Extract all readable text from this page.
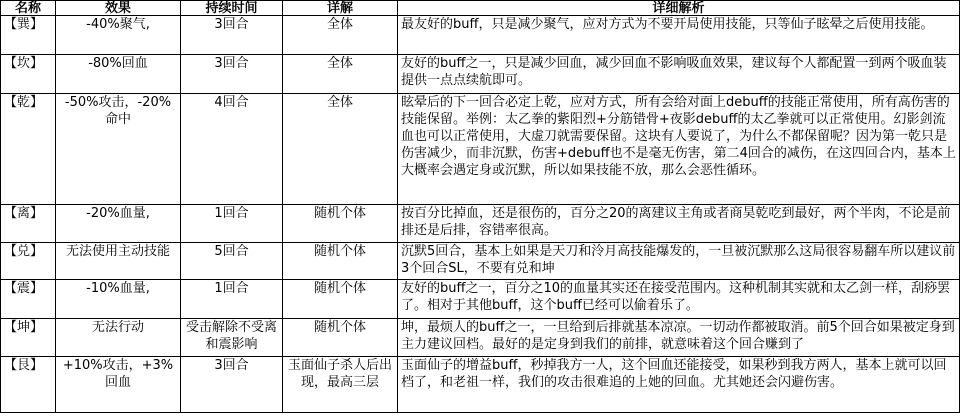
名称	效果	持续时间	详解	详细解析
【巽】	-40%聚气,	3回合	全体	最友好的buff，只是减少聚气，应对方式为不要开局使用技能，只等仙子眩晕之后使用技能。
【坎】	-80%回血	3回合	全体	友好的buff之一，只是减少回血，减少回血不影响吸血效果，建议每个人都配置一到两个吸血装提供一点点续航即可。
【乾】	-50%攻击，-20%命中	4回合	全体	眩晕后的下一回合必定上乾，应对方式，所有会给对面上debuff的技能正常使用，所有高伤害的技能保留。举例：太乙拳的紫阳烈+分筋错骨+夜影debuff的太乙拳就可以正常使用。幻影剑流血也可以正常使用，大虚刀就需要保留。这块有人要说了，为什么不都保留呢？因为第一乾只是伤害减少，而非沉默，伤害+debuff也不是毫无伤害，第二4回合的减伤，在这四回合内，基本上大概率会遇定身或沉默，所以如果技能不放，那么会恶性循环。
【离】	-20%血量,	1回合	随机个体	按百分比掉血，还是很伤的，百分之20的离建议主角或者商昊乾吃到最好，两个半肉，不论是前排还是后排，容错率很高。
【兑】	无法使用主动技能	5回合	随机个体	沉默5回合，基本上如果是天刀和泠月高技能爆发的，一旦被沉默那么这局很容易翻车所以建议前3个回合SL，不要有兑和坤
【震】	-10%血量,	1回合	随机个体	友好的buff之一，百分之10的血量其实还在接受范围内。这种机制其实就和太乙剑一样，刮痧罢了。相对于其他buff，这个buff已经可以偷着乐了。
【坤】	无法行动	受击解除不受离和震影响	随机个体	坤，最烦人的buff之一，一旦给到后排就基本凉凉。一切动作都被取消。前5个回合如果被定身到主力建议回档。最好的是定身到我们的前排，就意味着这个回合赚到了
【艮】	+10%攻击，+3%回血	3回合	玉面仙子杀人后出现，最高三层	玉面仙子的增益buff，秒掉我方一人，这个回血还能接受，如果秒到我方两人，基本上就可以回档了，和老祖一样，我们的攻击很难追的上她的回血。尤其她还会闪避伤害。
